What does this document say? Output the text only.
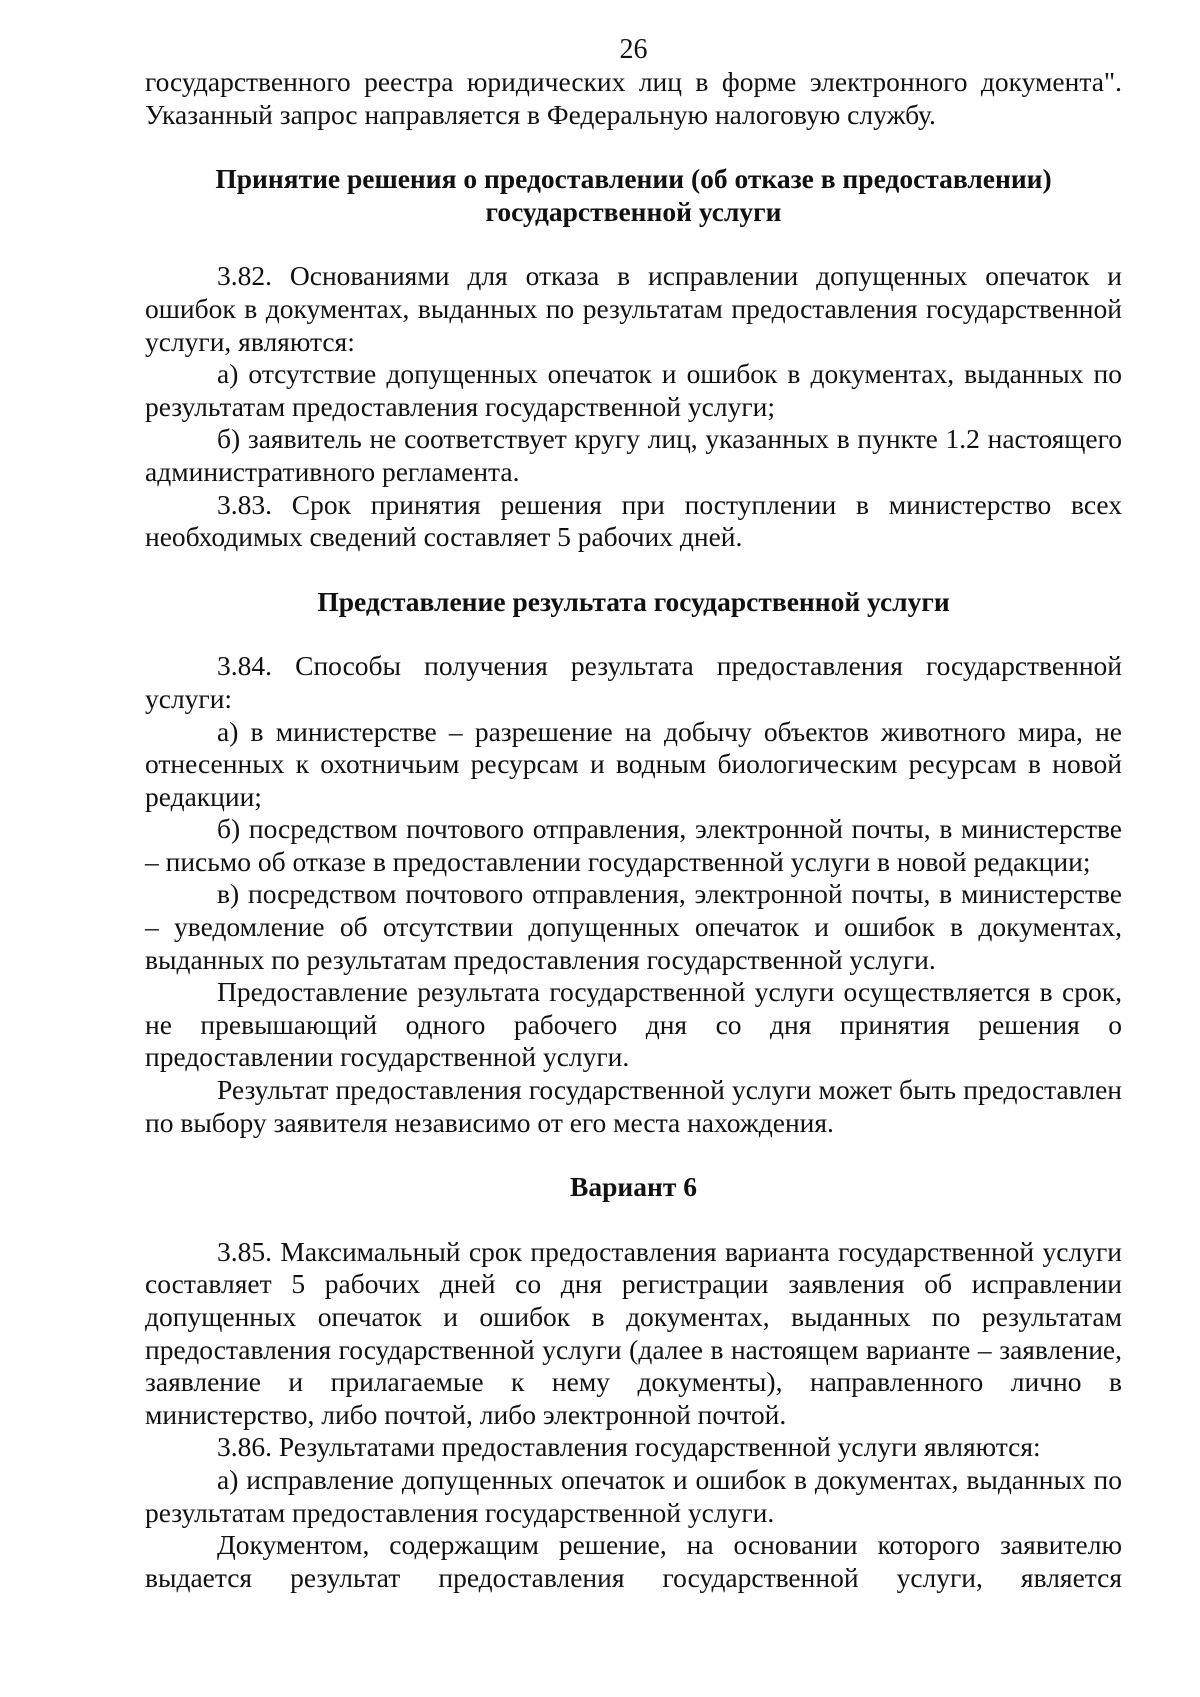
26

государственного реестра юридических лиц в форме электронного документа". Указанный запрос направляется в Федеральную налоговую службу.

Принятие решения о предоставлении (об отказе в предоставлении)
государственной услуги

3.82. Основаниями для отказа в исправлении допущенных опечаток и ошибок в документах, выданных по результатам предоставления государственной услуги, являются:

а) отсутствие допущенных опечаток и ошибок в документах, выданных по результатам предоставления государственной услуги;

б) заявитель не соответствует кругу лиц, указанных в пункте 1.2 настоящего административного регламента.

3.83. Срок принятия решения при поступлении в министерство всех необходимых сведений составляет 5 рабочих дней.

Представление результата государственной услуги

3.84. Способы получения результата предоставления государственной услуги:

а) в министерстве – разрешение на добычу объектов животного мира, не отнесенных к охотничьим ресурсам и водным биологическим ресурсам в новой редакции;

б) посредством почтового отправления, электронной почты, в министерстве – письмо об отказе в предоставлении государственной услуги в новой редакции;

в) посредством почтового отправления, электронной почты, в министерстве – уведомление об отсутствии допущенных опечаток и ошибок в документах, выданных по результатам предоставления государственной услуги.

Предоставление результата государственной услуги осуществляется в срок, не превышающий одного рабочего дня со дня принятия решения о предоставлении государственной услуги.

Результат предоставления государственной услуги может быть предоставлен по выбору заявителя независимо от его места нахождения.

Вариант 6

3.85. Максимальный срок предоставления варианта государственной услуги составляет 5 рабочих дней со дня регистрации заявления об исправлении допущенных опечаток и ошибок в документах, выданных по результатам предоставления государственной услуги (далее в настоящем варианте – заявление, заявление и прилагаемые к нему документы), направленного лично в министерство, либо почтой, либо электронной почтой.

3.86. Результатами предоставления государственной услуги являются:

а) исправление допущенных опечаток и ошибок в документах, выданных по результатам предоставления государственной услуги.

Документом, содержащим решение, на основании которого заявителю выдается результат предоставления государственной услуги, является
